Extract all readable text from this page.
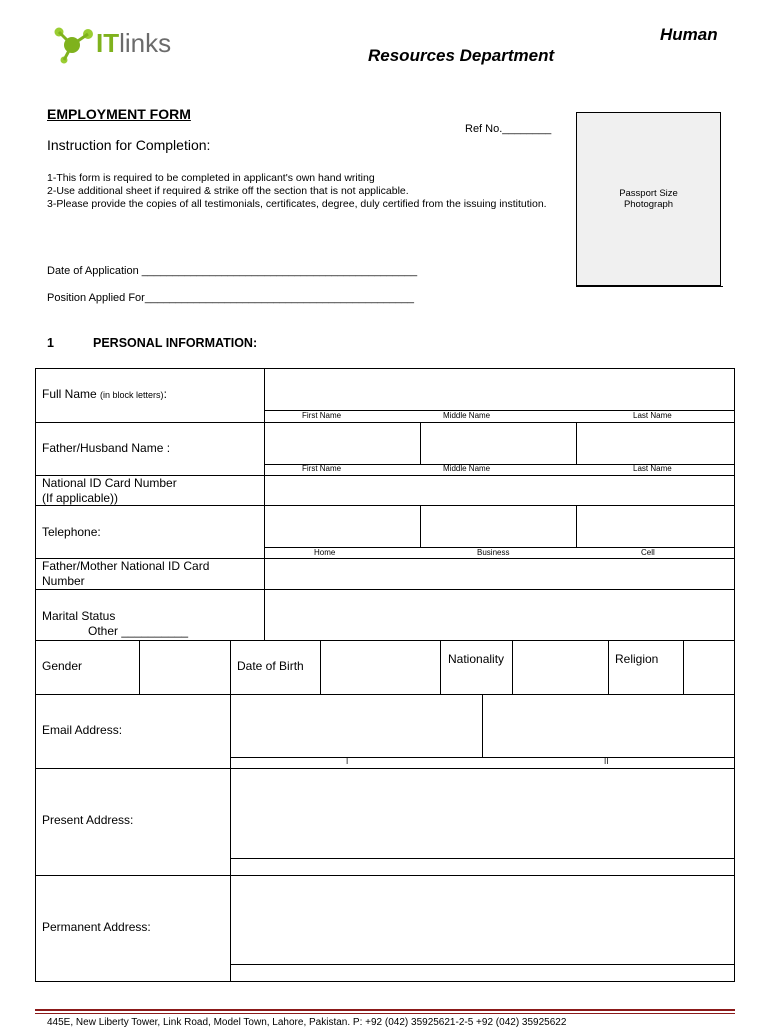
ITlinks	Human
Resources Department
EMPLOYMENT FORM
Instruction for Completion:
Ref No.________
1-This form is required to be completed in applicant's own hand writing
2-Use additional sheet if required & strike off the section that is not applicable.
3-Please provide the copies of all testimonials, certificates, degree, duly certified from the issuing institution.
Passport Size
Photograph
Date of Application _____________________________________________
Position Applied For____________________________________________
1	PERSONAL INFORMATION:
Full Name (in block letters):
First Name	Middle Name	Last Name
Father/Husband Name :
First Name	Middle Name	Last Name
National ID Card Number
(If applicable))
Telephone:
Home	Business	Cell
Father/Mother National ID Card
Number
Marital Status
Other __________
Gender	Date of Birth	Nationality	Religion
Email Address:
I	II
Present Address:
Permanent Address:
445E, New Liberty Tower, Link Road, Model Town, Lahore, Pakistan. P: +92 (042) 35925621-2-5 +92 (042) 35925622
